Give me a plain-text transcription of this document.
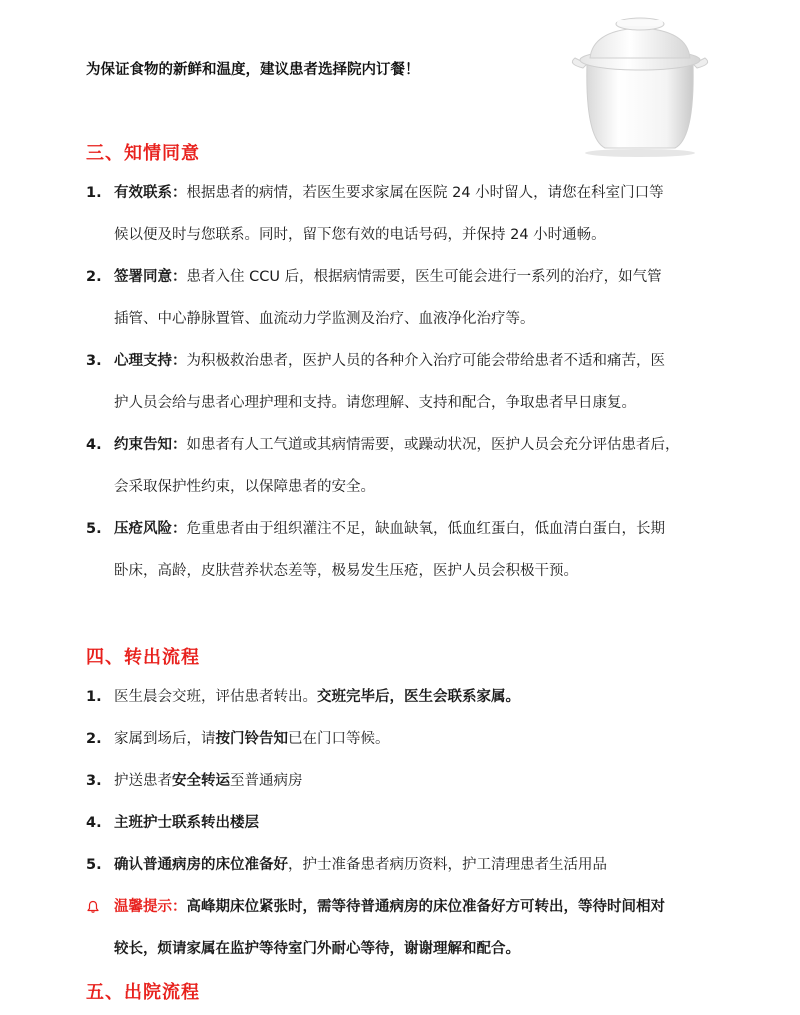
为保证食物的新鲜和温度，建议患者选择院内订餐！
三、知情同意
1. 有效联系：根据患者的病情，若医生要求家属在医院 24 小时留人，请您在科室门口等
候以便及时与您联系。同时，留下您有效的电话号码，并保持 24 小时通畅。
2. 签署同意：患者入住 CCU 后，根据病情需要，医生可能会进行一系列的治疗，如气管
插管、中心静脉置管、血流动力学监测及治疗、血液净化治疗等。
3. 心理支持：为积极救治患者，医护人员的各种介入治疗可能会带给患者不适和痛苦，医
护人员会给与患者心理护理和支持。请您理解、支持和配合，争取患者早日康复。
4. 约束告知：如患者有人工气道或其病情需要，或躁动状况，医护人员会充分评估患者后，
会采取保护性约束，以保障患者的安全。
5. 压疮风险：危重患者由于组织灌注不足，缺血缺氧，低血红蛋白，低血清白蛋白，长期
卧床，高龄，皮肤营养状态差等，极易发生压疮，医护人员会积极干预。
四、转出流程
1. 医生晨会交班，评估患者转出。交班完毕后，医生会联系家属。
2. 家属到场后，请按门铃告知已在门口等候。
3. 护送患者安全转运至普通病房
4. 主班护士联系转出楼层
5. 确认普通病房的床位准备好，护士准备患者病历资料，护工清理患者生活用品
温馨提示：高峰期床位紧张时，需等待普通病房的床位准备好方可转出，等待时间相对
较长，烦请家属在监护等待室门外耐心等待，谢谢理解和配合。
五、出院流程
